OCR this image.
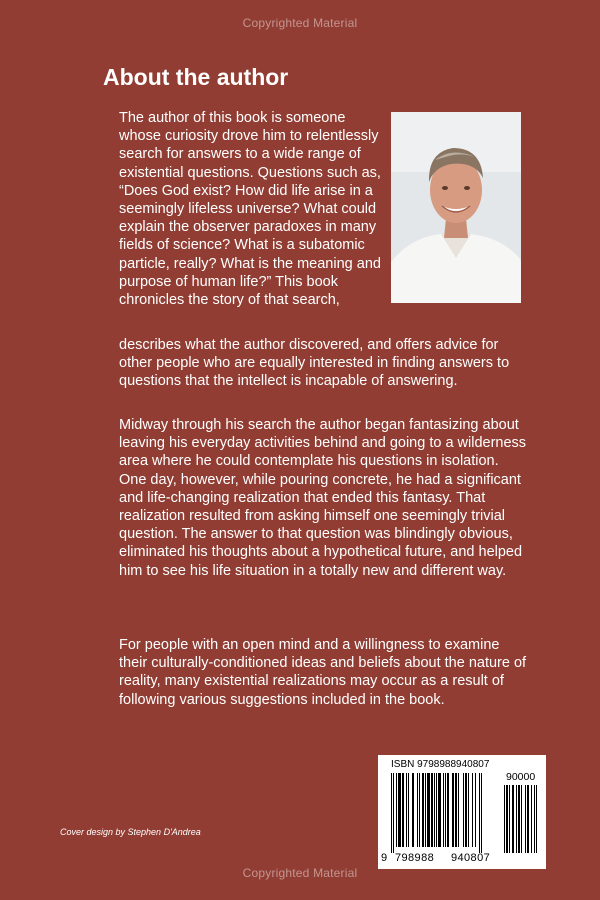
Copyrighted Material
About the author

The author of this book is someone whose curiosity drove him to relentlessly search for answers to a wide range of existential questions. Questions such as, “Does God exist? How did life arise in a seemingly lifeless universe? What could explain the observer paradoxes in many fields of science? What is a subatomic particle, really? What is the meaning and purpose of human life?” This book chronicles the story of that search,

describes what the author discovered, and offers advice for other people who are equally interested in finding answers to questions that the intellect is incapable of answering.

Midway through his search the author began fantasizing about leaving his everyday activities behind and going to a wilderness area where he could contemplate his questions in isolation. One day, however, while pouring concrete, he had a significant and life-changing realization that ended this fantasy. That realization resulted from asking himself one seemingly trivial question. The answer to that question was blindingly obvious, eliminated his thoughts about a hypothetical future, and helped him to see his life situation in a totally new and different way.

For people with an open mind and a willingness to examine their culturally-conditioned ideas and beliefs about the nature of reality, many existential realizations may occur as a result of following various suggestions included in the book.

Cover design by Stephen D'Andrea
ISBN 9798988940807
90000
9 798988 940807
Copyrighted Material
